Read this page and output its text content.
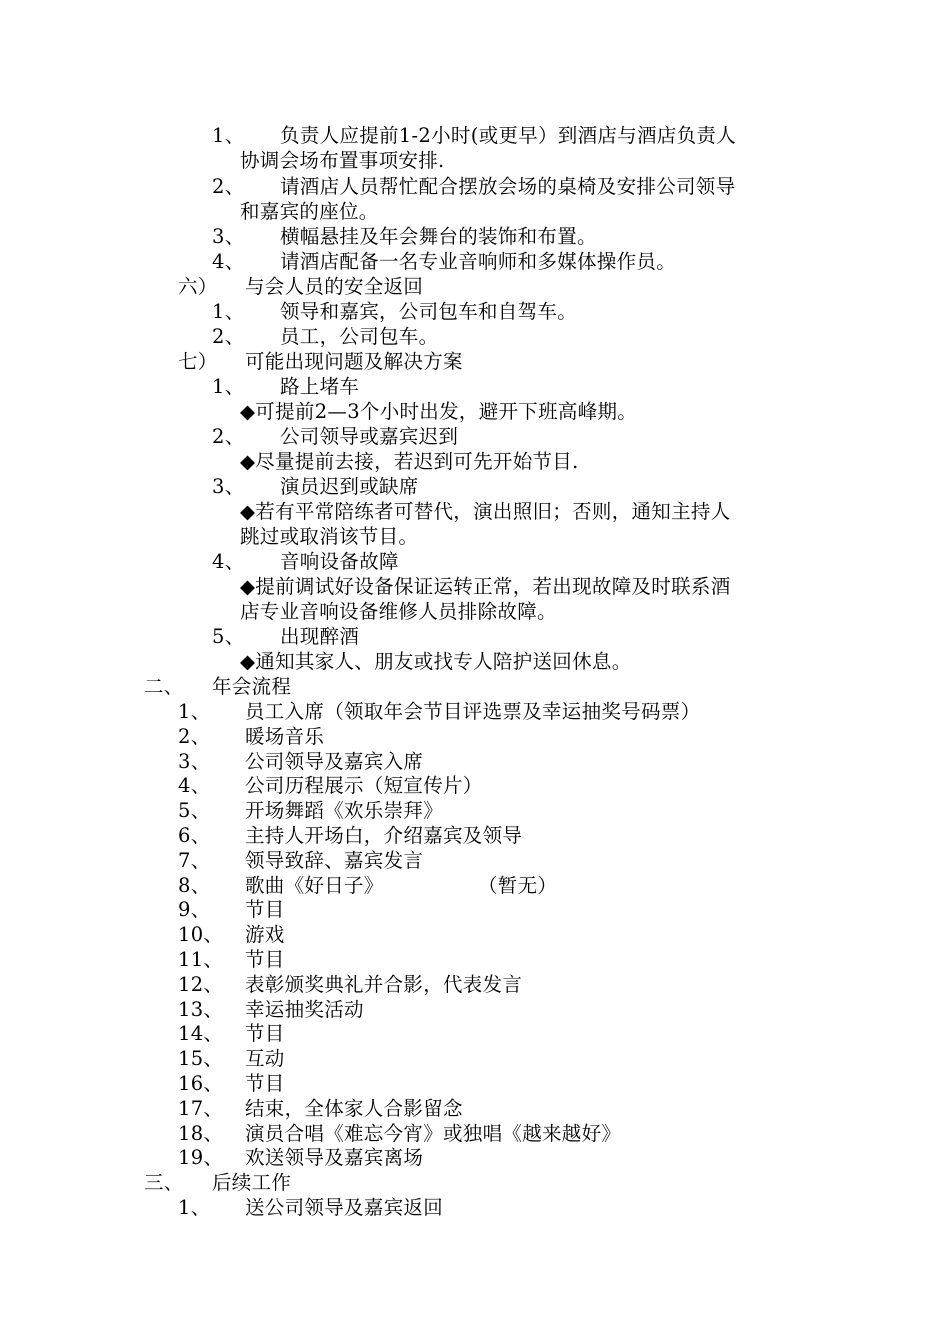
1、 负责人应提前1-2小时(或更早）到酒店与酒店负责人
协调会场布置事项安排.
2、 请酒店人员帮忙配合摆放会场的桌椅及安排公司领导
和嘉宾的座位。
3、 横幅悬挂及年会舞台的装饰和布置。
4、 请酒店配备一名专业音响师和多媒体操作员。
六） 与会人员的安全返回
1、 领导和嘉宾，公司包车和自驾车。
2、 员工，公司包车。
七） 可能出现问题及解决方案
1、 路上堵车
◆可提前2—3个小时出发，避开下班高峰期。
2、 公司领导或嘉宾迟到
◆尽量提前去接，若迟到可先开始节目.
3、 演员迟到或缺席
◆若有平常陪练者可替代，演出照旧；否则，通知主持人
跳过或取消该节目。
4、 音响设备故障
◆提前调试好设备保证运转正常，若出现故障及时联系酒
店专业音响设备维修人员排除故障。
5、 出现醉酒
◆通知其家人、朋友或找专人陪护送回休息。
二、 年会流程
1、 员工入席（领取年会节目评选票及幸运抽奖号码票）
2、 暖场音乐
3、 公司领导及嘉宾入席
4、 公司历程展示（短宣传片）
5、 开场舞蹈《欢乐崇拜》
6、 主持人开场白，介绍嘉宾及领导
7、 领导致辞、嘉宾发言
8、 歌曲《好日子》	（暂无）
9、 节目
10、 游戏
11、 节目
12、 表彰颁奖典礼并合影，代表发言
13、 幸运抽奖活动
14、 节目
15、 互动
16、 节目
17、 结束，全体家人合影留念
18、 演员合唱《难忘今宵》或独唱《越来越好》
19、 欢送领导及嘉宾离场
三、 后续工作
1、 送公司领导及嘉宾返回
